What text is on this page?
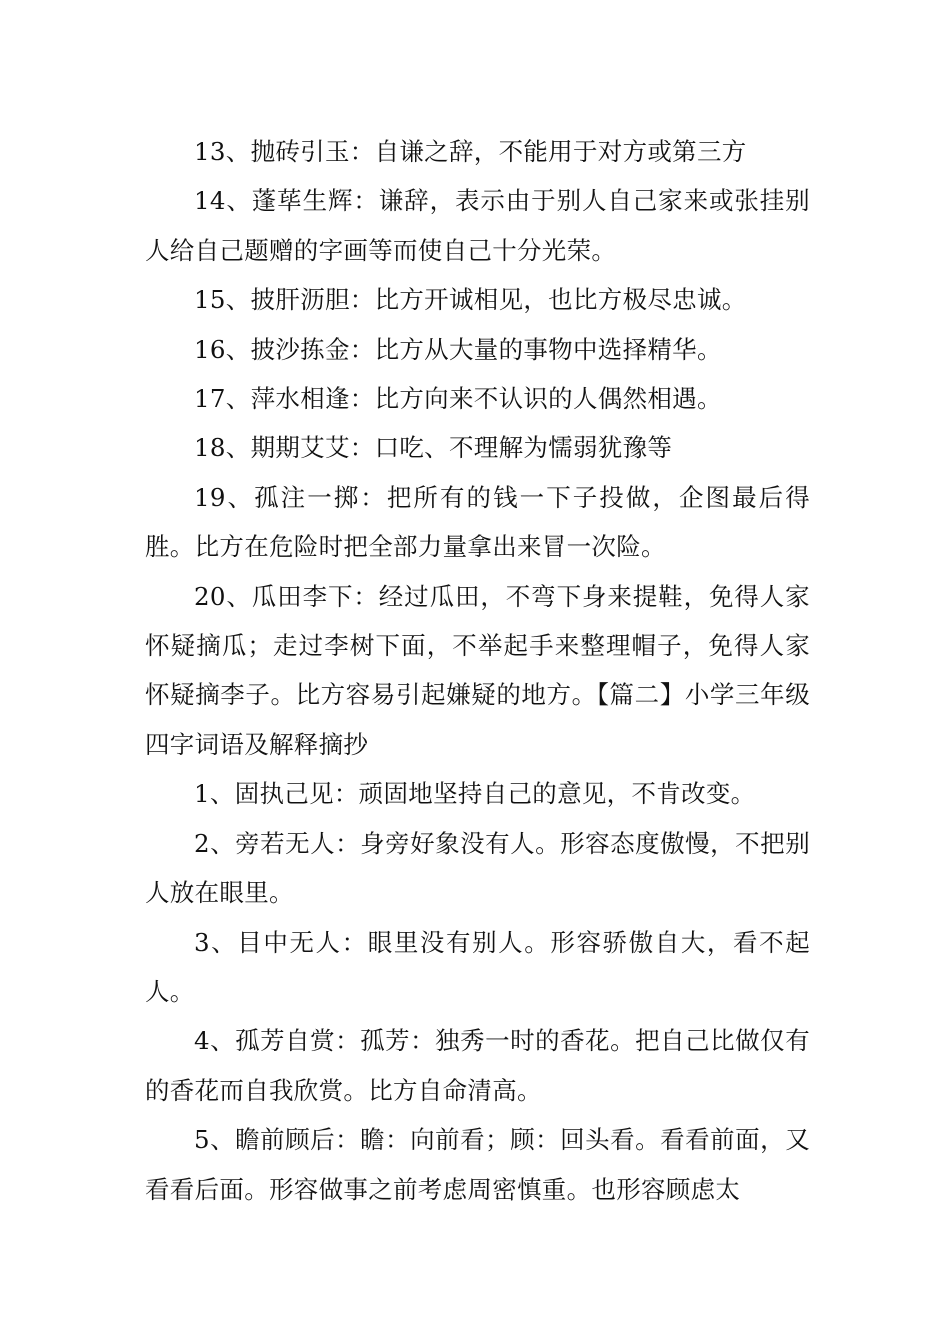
13、抛砖引玉：自谦之辞，不能用于对方或第三方

14、蓬荜生辉：谦辞，表示由于别人自己家来或张挂别人给自己题赠的字画等而使自己十分光荣。

15、披肝沥胆：比方开诚相见，也比方极尽忠诚。

16、披沙拣金：比方从大量的事物中选择精华。

17、萍水相逢：比方向来不认识的人偶然相遇。

18、期期艾艾：口吃、不理解为懦弱犹豫等

19、孤注一掷：把所有的钱一下子投做，企图最后得胜。比方在危险时把全部力量拿出来冒一次险。

20、瓜田李下：经过瓜田，不弯下身来提鞋，免得人家怀疑摘瓜；走过李树下面，不举起手来整理帽子，免得人家怀疑摘李子。比方容易引起嫌疑的地方。【篇二】小学三年级四字词语及解释摘抄

1、固执己见：顽固地坚持自己的意见，不肯改变。

2、旁若无人：身旁好象没有人。形容态度傲慢，不把别人放在眼里。

3、目中无人：眼里没有别人。形容骄傲自大，看不起人。

4、孤芳自赏：孤芳：独秀一时的香花。把自己比做仅有的香花而自我欣赏。比方自命清高。

5、瞻前顾后：瞻：向前看；顾：回头看。看看前面，又看看后面。形容做事之前考虑周密慎重。也形容顾虑太
